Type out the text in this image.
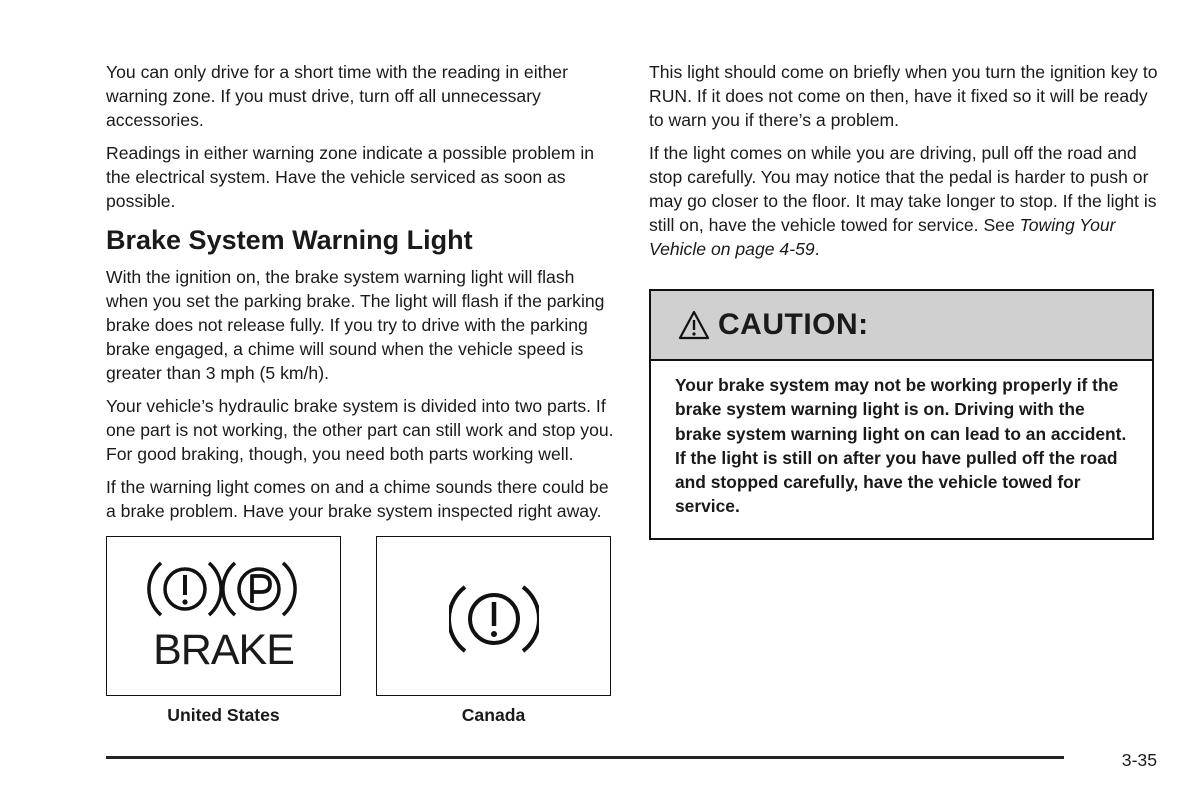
You can only drive for a short time with the reading in either warning zone. If you must drive, turn off all unnecessary accessories.

Readings in either warning zone indicate a possible problem in the electrical system. Have the vehicle serviced as soon as possible.

Brake System Warning Light

With the ignition on, the brake system warning light will flash when you set the parking brake. The light will flash if the parking brake does not release fully. If you try to drive with the parking brake engaged, a chime will sound when the vehicle speed is greater than 3 mph (5 km/h).

Your vehicle’s hydraulic brake system is divided into two parts. If one part is not working, the other part can still work and stop you. For good braking, though, you need both parts working well.

If the warning light comes on and a chime sounds there could be a brake problem. Have your brake system inspected right away.

This light should come on briefly when you turn the ignition key to RUN. If it does not come on then, have it fixed so it will be ready to warn you if there’s a problem.

If the light comes on while you are driving, pull off the road and stop carefully. You may notice that the pedal is harder to push or may go closer to the floor. It may take longer to stop. If the light is still on, have the vehicle towed for service. See Towing Your Vehicle on page 4-59.

CAUTION:
Your brake system may not be working properly if the brake system warning light is on. Driving with the brake system warning light on can lead to an accident. If the light is still on after you have pulled off the road and stopped carefully, have the vehicle towed for service.
BRAKE
United States	Canada
3-35
